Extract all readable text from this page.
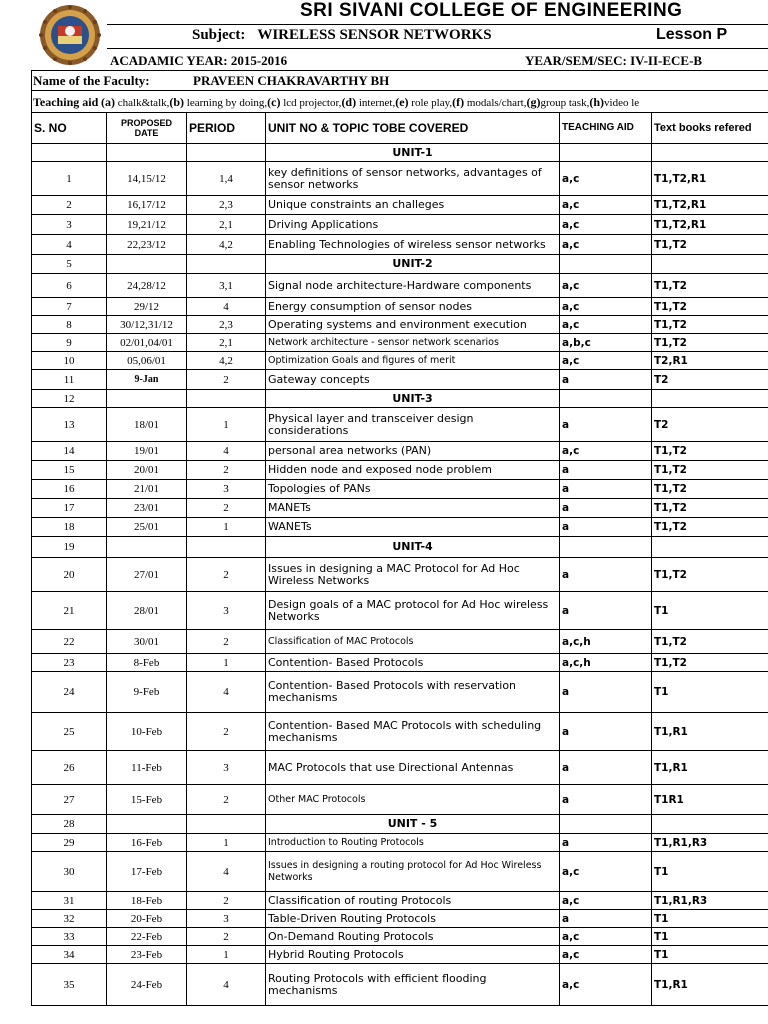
SRI SIVANI COLLEGE OF ENGINEERING
Subject: WIRELESS SENSOR NETWORKS	Lesson P
ACADAMIC YEAR: 2015-2016	YEAR/SEM/SEC: IV-II-ECE-B
Name of the Faculty:	PRAVEEN CHAKRAVARTHY BH
Teaching aid (a) chalk&talk,(b) learning by doing,(c) lcd projector,(d) internet,(e) role play,(f) modals/chart,(g)group task,(h)video le
S. NO	PROPOSED DATE	PERIOD	UNIT NO & TOPIC TOBE COVERED	TEACHING AID	Text books refered
			UNIT-1		
1	14,15/12	1,4	key definitions of sensor networks, advantages of sensor networks	a,c	T1,T2,R1
2	16,17/12	2,3	Unique constraints an challeges	a,c	T1,T2,R1
3	19,21/12	2,1	Driving Applications	a,c	T1,T2,R1
4	22,23/12	4,2	Enabling Technologies of wireless sensor networks	a,c	T1,T2
5			UNIT-2		
6	24,28/12	3,1	Signal node architecture-Hardware components	a,c	T1,T2
7	29/12	4	Energy consumption of sensor nodes	a,c	T1,T2
8	30/12,31/12	2,3	Operating systems and environment execution	a,c	T1,T2
9	02/01,04/01	2,1	Network architecture - sensor network scenarios	a,b,c	T1,T2
10	05,06/01	4,2	Optimization Goals and figures of merit	a,c	T2,R1
11	9-Jan	2	Gateway concepts	a	T2
12			UNIT-3		
13	18/01	1	Physical layer and transceiver design considerations	a	T2
14	19/01	4	personal area networks (PAN)	a,c	T1,T2
15	20/01	2	Hidden node and exposed node problem	a	T1,T2
16	21/01	3	Topologies of PANs	a	T1,T2
17	23/01	2	MANETs	a	T1,T2
18	25/01	1	WANETs	a	T1,T2
19			UNIT-4		
20	27/01	2	Issues in designing a MAC Protocol for Ad Hoc Wireless Networks	a	T1,T2
21	28/01	3	Design goals of a MAC protocol for Ad Hoc wireless Networks	a	T1
22	30/01	2	Classification of MAC Protocols	a,c,h	T1,T2
23	8-Feb	1	Contention- Based Protocols	a,c,h	T1,T2
24	9-Feb	4	Contention- Based Protocols with reservation mechanisms	a	T1
25	10-Feb	2	Contention- Based MAC Protocols with scheduling mechanisms	a	T1,R1
26	11-Feb	3	MAC Protocols that use Directional Antennas	a	T1,R1
27	15-Feb	2	Other MAC Protocols	a	T1R1
28			UNIT - 5		
29	16-Feb	1	Introduction to Routing Protocols	a	T1,R1,R3
30	17-Feb	4	Issues in designing a routing protocol for Ad Hoc Wireless Networks	a,c	T1
31	18-Feb	2	Classification of routing Protocols	a,c	T1,R1,R3
32	20-Feb	3	Table-Driven Routing Protocols	a	T1
33	22-Feb	2	On-Demand Routing Protocols	a,c	T1
34	23-Feb	1	Hybrid Routing Protocols	a,c	T1
35	24-Feb	4	Routing Protocols with efficient flooding mechanisms	a,c	T1,R1
